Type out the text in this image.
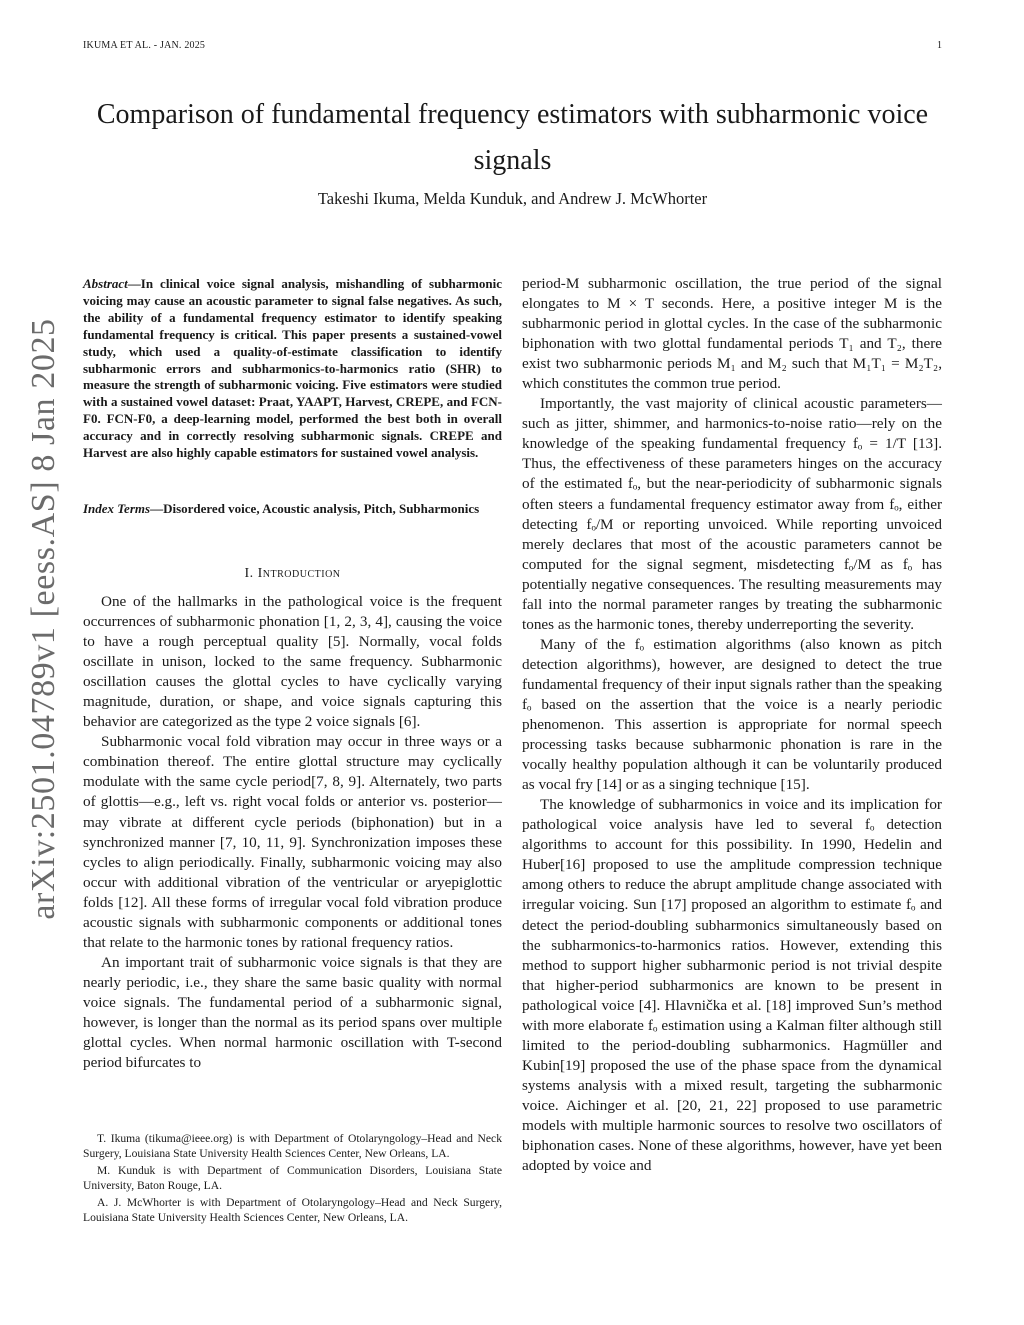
IKUMA ET AL. - JAN. 2025	1
Comparison of fundamental frequency estimators with subharmonic voice signals
Takeshi Ikuma, Melda Kunduk, and Andrew J. McWhorter
arXiv:2501.04789v1 [eess.AS] 8 Jan 2025
Abstract—In clinical voice signal analysis, mishandling of subharmonic voicing may cause an acoustic parameter to signal false negatives. As such, the ability of a fundamental frequency estimator to identify speaking fundamental frequency is critical. This paper presents a sustained-vowel study, which used a quality-of-estimate classification to identify subharmonic errors and subharmonics-to-harmonics ratio (SHR) to measure the strength of subharmonic voicing. Five estimators were studied with a sustained vowel dataset: Praat, YAAPT, Harvest, CREPE, and FCN-F0. FCN-F0, a deep-learning model, performed the best both in overall accuracy and in correctly resolving subharmonic signals. CREPE and Harvest are also highly capable estimators for sustained vowel analysis.
Index Terms—Disordered voice, Acoustic analysis, Pitch, Subharmonics
I. Introduction

One of the hallmarks in the pathological voice is the frequent occurrences of subharmonic phonation [1, 2, 3, 4], causing the voice to have a rough perceptual quality [5]. Normally, vocal folds oscillate in unison, locked to the same frequency. Subharmonic oscillation causes the glottal cycles to have cyclically varying magnitude, duration, or shape, and voice signals capturing this behavior are categorized as the type 2 voice signals [6].

Subharmonic vocal fold vibration may occur in three ways or a combination thereof. The entire glottal structure may cyclically modulate with the same cycle period[7, 8, 9]. Alternately, two parts of glottis—e.g., left vs. right vocal folds or anterior vs. posterior—may vibrate at different cycle periods (biphonation) but in a synchronized manner [7, 10, 11, 9]. Synchronization imposes these cycles to align periodically. Finally, subharmonic voicing may also occur with additional vibration of the ventricular or aryepiglottic folds [12]. All these forms of irregular vocal fold vibration produce acoustic signals with subharmonic components or additional tones that relate to the harmonic tones by rational frequency ratios.

An important trait of subharmonic voice signals is that they are nearly periodic, i.e., they share the same basic quality with normal voice signals. The fundamental period of a subharmonic signal, however, is longer than the normal as its period spans over multiple glottal cycles. When normal harmonic oscillation with T-second period bifurcates to

T. Ikuma (tikuma@ieee.org) is with Department of Otolaryngology–Head and Neck Surgery, Louisiana State University Health Sciences Center, New Orleans, LA.

M. Kunduk is with Department of Communication Disorders, Louisiana State University, Baton Rouge, LA.

A. J. McWhorter is with Department of Otolaryngology–Head and Neck Surgery, Louisiana State University Health Sciences Center, New Orleans, LA.

period-M subharmonic oscillation, the true period of the signal elongates to M × T seconds. Here, a positive integer M is the subharmonic period in glottal cycles. In the case of the subharmonic biphonation with two glottal fundamental periods T₁ and T₂, there exist two subharmonic periods M₁ and M₂ such that M₁T₁ = M₂T₂, which constitutes the common true period.

Importantly, the vast majority of clinical acoustic parameters—such as jitter, shimmer, and harmonics-to-noise ratio—rely on the knowledge of the speaking fundamental frequency fₒ = 1/T [13]. Thus, the effectiveness of these parameters hinges on the accuracy of the estimated fₒ, but the near-periodicity of subharmonic signals often steers a fundamental frequency estimator away from fₒ, either detecting fₒ/M or reporting unvoiced. While reporting unvoiced merely declares that most of the acoustic parameters cannot be computed for the signal segment, misdetecting fₒ/M as fₒ has potentially negative consequences. The resulting measurements may fall into the normal parameter ranges by treating the subharmonic tones as the harmonic tones, thereby underreporting the severity.

Many of the fₒ estimation algorithms (also known as pitch detection algorithms), however, are designed to detect the true fundamental frequency of their input signals rather than the speaking fₒ based on the assertion that the voice is a nearly periodic phenomenon. This assertion is appropriate for normal speech processing tasks because subharmonic phonation is rare in the vocally healthy population although it can be voluntarily produced as vocal fry [14] or as a singing technique [15].

The knowledge of subharmonics in voice and its implication for pathological voice analysis have led to several fₒ detection algorithms to account for this possibility. In 1990, Hedelin and Huber[16] proposed to use the amplitude compression technique among others to reduce the abrupt amplitude change associated with irregular voicing. Sun [17] proposed an algorithm to estimate fₒ and detect the period-doubling subharmonics simultaneously based on the subharmonics-to-harmonics ratios. However, extending this method to support higher subharmonic period is not trivial despite that higher-period subharmonics are known to be present in pathological voice [4]. Hlavnička et al. [18] improved Sun’s method with more elaborate fₒ estimation using a Kalman filter although still limited to the period-doubling subharmonics. Hagmüller and Kubin[19] proposed the use of the phase space from the dynamical systems analysis with a mixed result, targeting the subharmonic voice. Aichinger et al. [20, 21, 22] proposed to use parametric models with multiple harmonic sources to resolve two oscillators of biphonation cases. None of these algorithms, however, have yet been adopted by voice and
